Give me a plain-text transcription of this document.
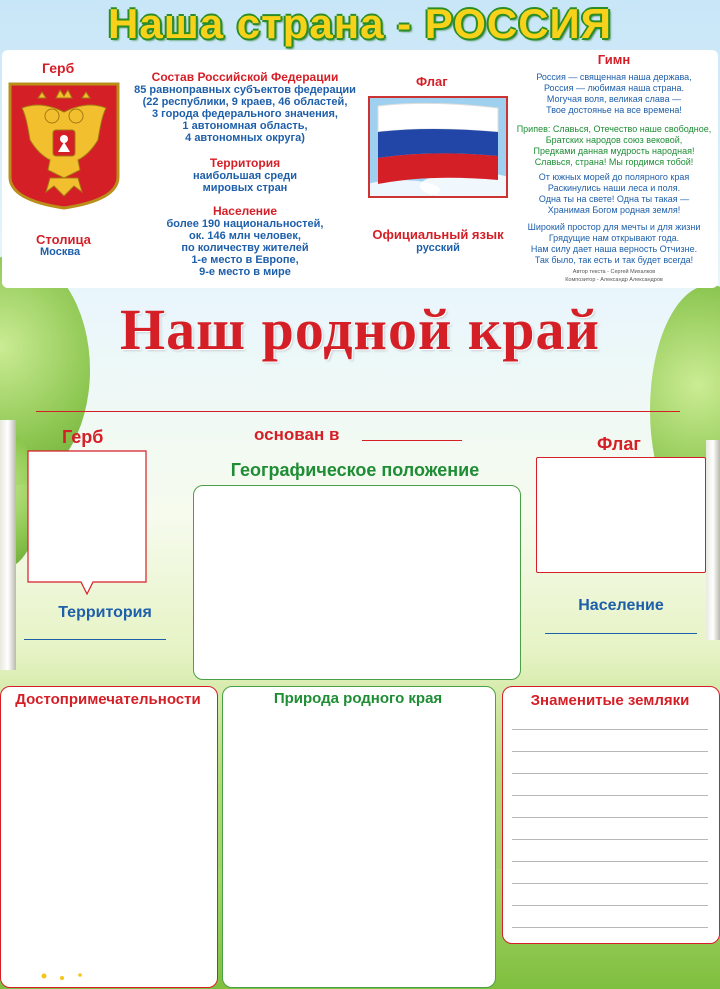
Наша страна - РОССИЯ
Герб
Столица
Москва
Состав Российской Федерации
85 равноправных субъектов федерации
(22 республики, 9 краев, 46 областей,
3 города федерального значения,
1 автономная область,
4 автономных округа)
Территория
наибольшая среди
мировых стран
Население
более 190 национальностей,
ок. 146 млн человек,
по количеству жителей
1-е место в Европе,
9-е место в мире
Флаг
Официальный язык
русский
Гимн
Россия — священная наша держава,
Россия — любимая наша страна.
Могучая воля, великая слава —
Твое достоянье на все времена!
Припев: Славься, Отечество наше свободное,
Братских народов союз вековой,
Предками данная мудрость народная!
Славься, страна! Мы гордимся тобой!
От южных морей до полярного края
Раскинулись наши леса и поля.
Одна ты на свете! Одна ты такая —
Хранимая Богом родная земля!
Широкий простор для мечты и для жизни
Грядущие нам открывают года.
Нам силу дает наша верность Отчизне.
Так было, так есть и так будет всегда!
Автор текста - Сергей Михалков
Композитор - Александр Александров
Наш родной край
Герб	основан в	Флаг
Географическое положение
Территория	Население
Достопримечательности	Природа родного края	Знаменитые земляки
